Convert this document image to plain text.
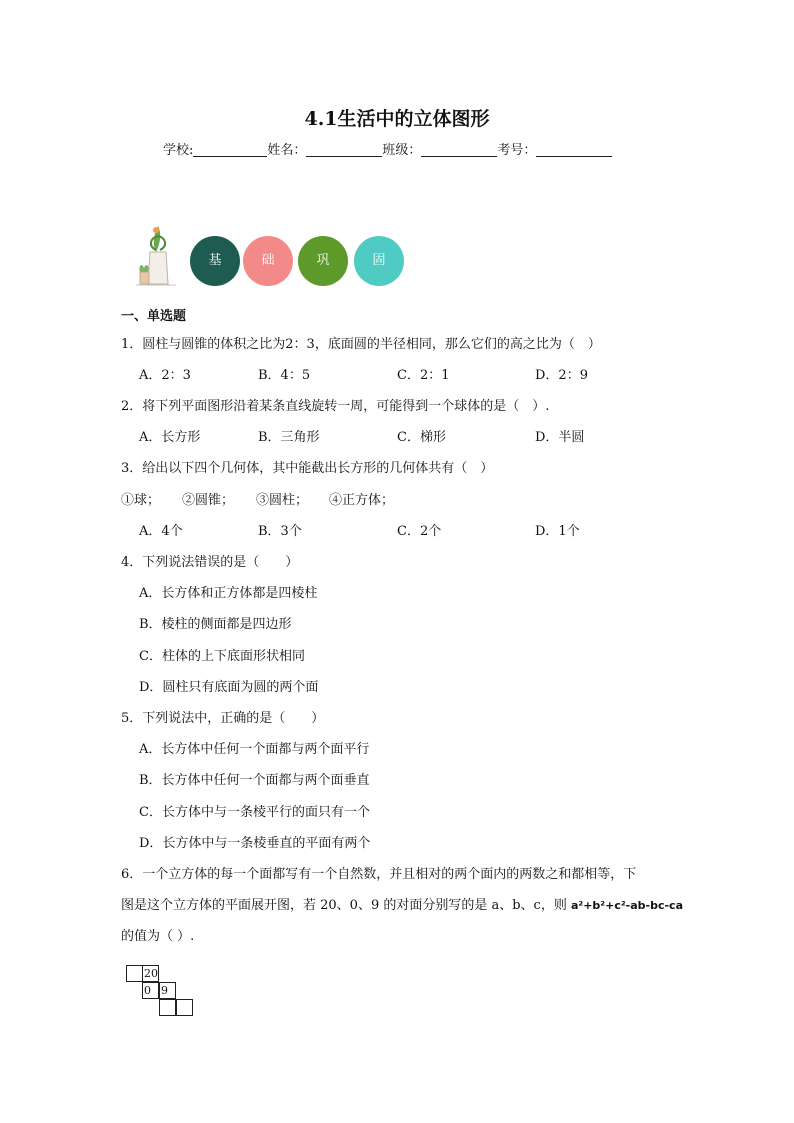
4.1生活中的立体图形
学校:	姓名：	班级：	考号：
基	础	巩	固
一、单选题
1．圆柱与圆锥的体积之比为2：3，底面圆的半径相同，那么它们的高之比为（　）
A．2：3	B．4：5	C．2：1	D．2：9
2．将下列平面图形沿着某条直线旋转一周，可能得到一个球体的是（　）.
A．长方形	B．三角形	C．梯形	D．半圆
3．给出以下四个几何体，其中能截出长方形的几何体共有（　）
①球； ②圆锥； ③圆柱； ④正方体；
A．4个	B．3个	C．2个	D．1个
4．下列说法错误的是（　　）
A．长方体和正方体都是四棱柱
B．棱柱的侧面都是四边形
C．柱体的上下底面形状相同
D．圆柱只有底面为圆的两个面
5．下列说法中，正确的是（　　）
A．长方体中任何一个面都与两个面平行
B．长方体中任何一个面都与两个面垂直
C．长方体中与一条棱平行的面只有一个
D．长方体中与一条棱垂直的平面有两个
6．一个立方体的每一个面都写有一个自然数，并且相对的两个面内的两数之和都相等，下
图是这个立方体的平面展开图，若 20、0、9 的对面分别写的是 a、b、c，则 a²+b²+c²-ab-bc-ca
的值为（ ）.
20
0 9
